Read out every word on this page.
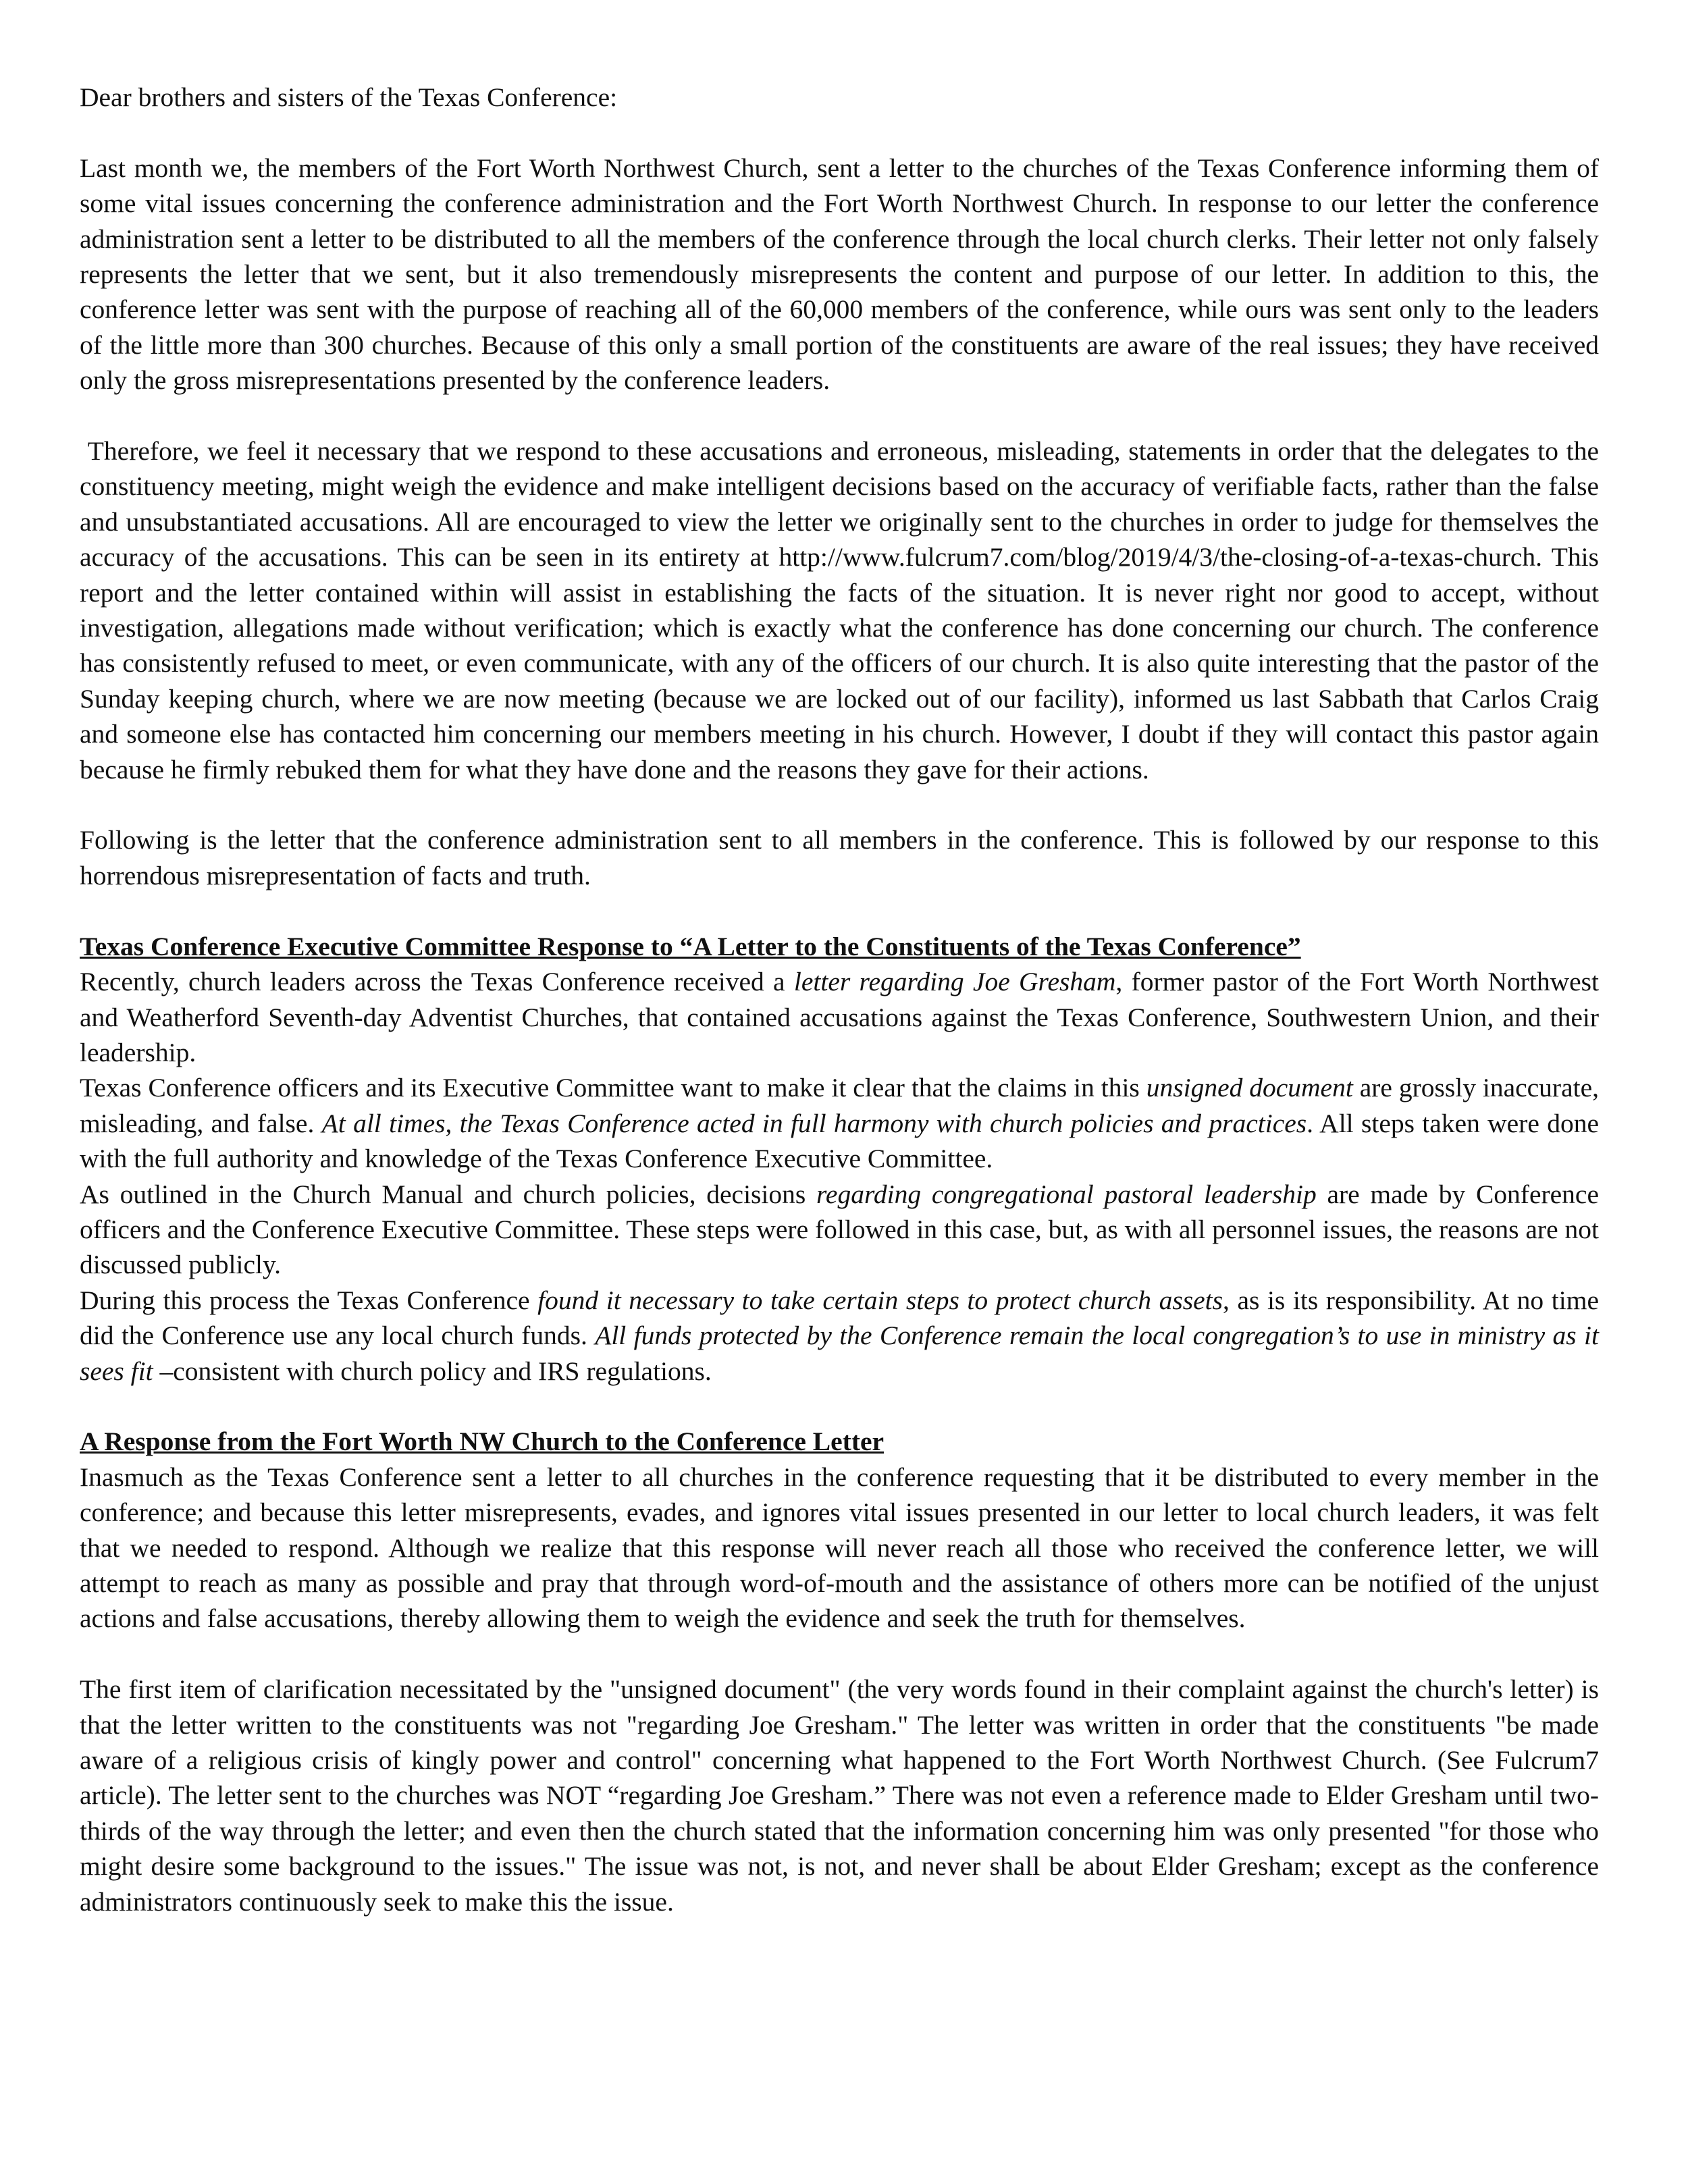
Dear brothers and sisters of the Texas Conference:

Last month we, the members of the Fort Worth Northwest Church, sent a letter to the churches of the Texas Conference informing them of some vital issues concerning the conference administration and the Fort Worth Northwest Church. In response to our letter the conference administration sent a letter to be distributed to all the members of the conference through the local church clerks. Their letter not only falsely represents the letter that we sent, but it also tremendously misrepresents the content and purpose of our letter. In addition to this, the conference letter was sent with the purpose of reaching all of the 60,000 members of the conference, while ours was sent only to the leaders of the little more than 300 churches. Because of this only a small portion of the constituents are aware of the real issues; they have received only the gross misrepresentations presented by the conference leaders.

Therefore, we feel it necessary that we respond to these accusations and erroneous, misleading, statements in order that the delegates to the constituency meeting, might weigh the evidence and make intelligent decisions based on the accuracy of verifiable facts, rather than the false and unsubstantiated accusations. All are encouraged to view the letter we originally sent to the churches in order to judge for themselves the accuracy of the accusations. This can be seen in its entirety at http://www.fulcrum7.com/blog/2019/4/3/the-closing-of-a-texas-church. This report and the letter contained within will assist in establishing the facts of the situation. It is never right nor good to accept, without investigation, allegations made without verification; which is exactly what the conference has done concerning our church. The conference has consistently refused to meet, or even communicate, with any of the officers of our church. It is also quite interesting that the pastor of the Sunday keeping church, where we are now meeting (because we are locked out of our facility), informed us last Sabbath that Carlos Craig and someone else has contacted him concerning our members meeting in his church. However, I doubt if they will contact this pastor again because he firmly rebuked them for what they have done and the reasons they gave for their actions.

Following is the letter that the conference administration sent to all members in the conference. This is followed by our response to this horrendous misrepresentation of facts and truth.

Texas Conference Executive Committee Response to “A Letter to the Constituents of the Texas Conference”

Recently, church leaders across the Texas Conference received a letter regarding Joe Gresham, former pastor of the Fort Worth Northwest and Weatherford Seventh-day Adventist Churches, that contained accusations against the Texas Conference, Southwestern Union, and their leadership.

Texas Conference officers and its Executive Committee want to make it clear that the claims in this unsigned document are grossly inaccurate, misleading, and false. At all times, the Texas Conference acted in full harmony with church policies and practices. All steps taken were done with the full authority and knowledge of the Texas Conference Executive Committee.

As outlined in the Church Manual and church policies, decisions regarding congregational pastoral leadership are made by Conference officers and the Conference Executive Committee. These steps were followed in this case, but, as with all personnel issues, the reasons are not discussed publicly.

During this process the Texas Conference found it necessary to take certain steps to protect church assets, as is its responsibility. At no time did the Conference use any local church funds. All funds protected by the Conference remain the local congregation’s to use in ministry as it sees fit –consistent with church policy and IRS regulations.

A Response from the Fort Worth NW Church to the Conference Letter

Inasmuch as the Texas Conference sent a letter to all churches in the conference requesting that it be distributed to every member in the conference; and because this letter misrepresents, evades, and ignores vital issues presented in our letter to local church leaders, it was felt that we needed to respond. Although we realize that this response will never reach all those who received the conference letter, we will attempt to reach as many as possible and pray that through word-of-mouth and the assistance of others more can be notified of the unjust actions and false accusations, thereby allowing them to weigh the evidence and seek the truth for themselves.

The first item of clarification necessitated by the "unsigned document" (the very words found in their complaint against the church's letter) is that the letter written to the constituents was not "regarding Joe Gresham." The letter was written in order that the constituents "be made aware of a religious crisis of kingly power and control" concerning what happened to the Fort Worth Northwest Church. (See Fulcrum7 article). The letter sent to the churches was NOT “regarding Joe Gresham.” There was not even a reference made to Elder Gresham until two-thirds of the way through the letter; and even then the church stated that the information concerning him was only presented "for those who might desire some background to the issues." The issue was not, is not, and never shall be about Elder Gresham; except as the conference administrators continuously seek to make this the issue.
